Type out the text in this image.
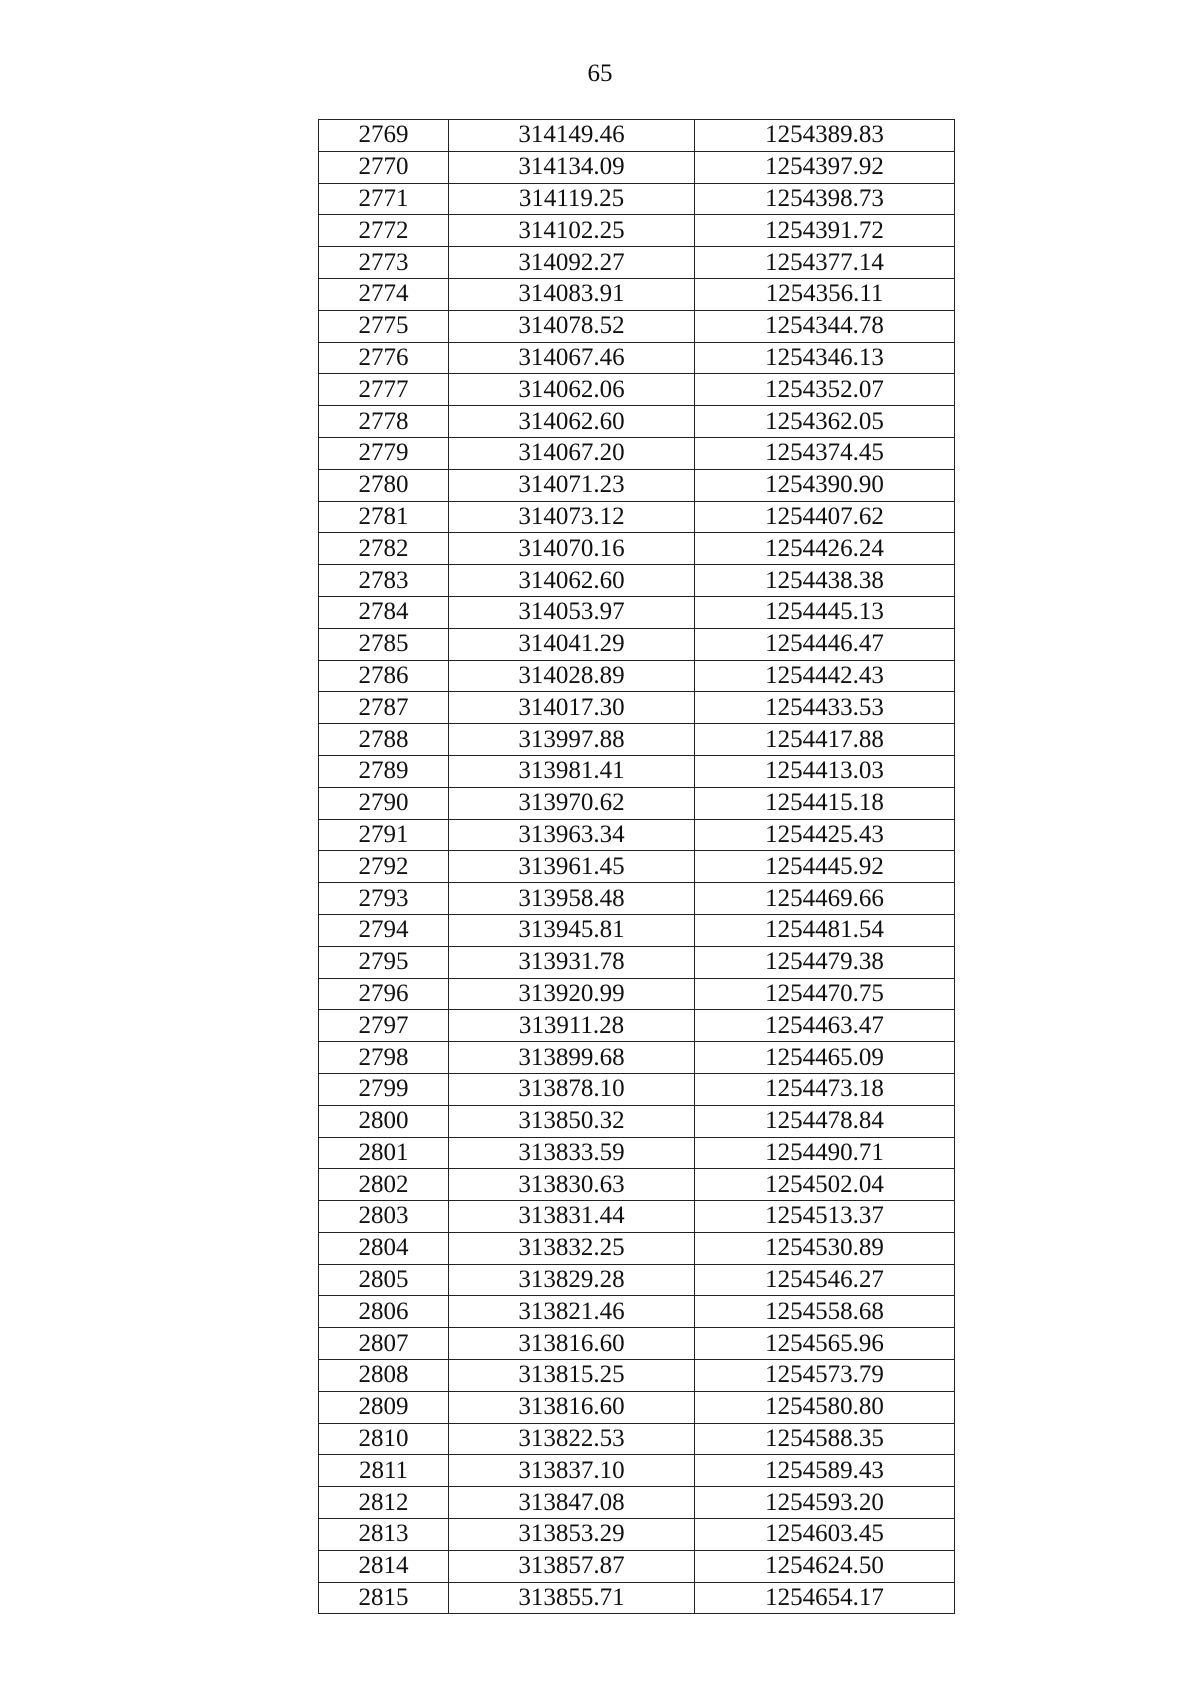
65
2769	314149.46	1254389.83
2770	314134.09	1254397.92
2771	314119.25	1254398.73
2772	314102.25	1254391.72
2773	314092.27	1254377.14
2774	314083.91	1254356.11
2775	314078.52	1254344.78
2776	314067.46	1254346.13
2777	314062.06	1254352.07
2778	314062.60	1254362.05
2779	314067.20	1254374.45
2780	314071.23	1254390.90
2781	314073.12	1254407.62
2782	314070.16	1254426.24
2783	314062.60	1254438.38
2784	314053.97	1254445.13
2785	314041.29	1254446.47
2786	314028.89	1254442.43
2787	314017.30	1254433.53
2788	313997.88	1254417.88
2789	313981.41	1254413.03
2790	313970.62	1254415.18
2791	313963.34	1254425.43
2792	313961.45	1254445.92
2793	313958.48	1254469.66
2794	313945.81	1254481.54
2795	313931.78	1254479.38
2796	313920.99	1254470.75
2797	313911.28	1254463.47
2798	313899.68	1254465.09
2799	313878.10	1254473.18
2800	313850.32	1254478.84
2801	313833.59	1254490.71
2802	313830.63	1254502.04
2803	313831.44	1254513.37
2804	313832.25	1254530.89
2805	313829.28	1254546.27
2806	313821.46	1254558.68
2807	313816.60	1254565.96
2808	313815.25	1254573.79
2809	313816.60	1254580.80
2810	313822.53	1254588.35
2811	313837.10	1254589.43
2812	313847.08	1254593.20
2813	313853.29	1254603.45
2814	313857.87	1254624.50
2815	313855.71	1254654.17
